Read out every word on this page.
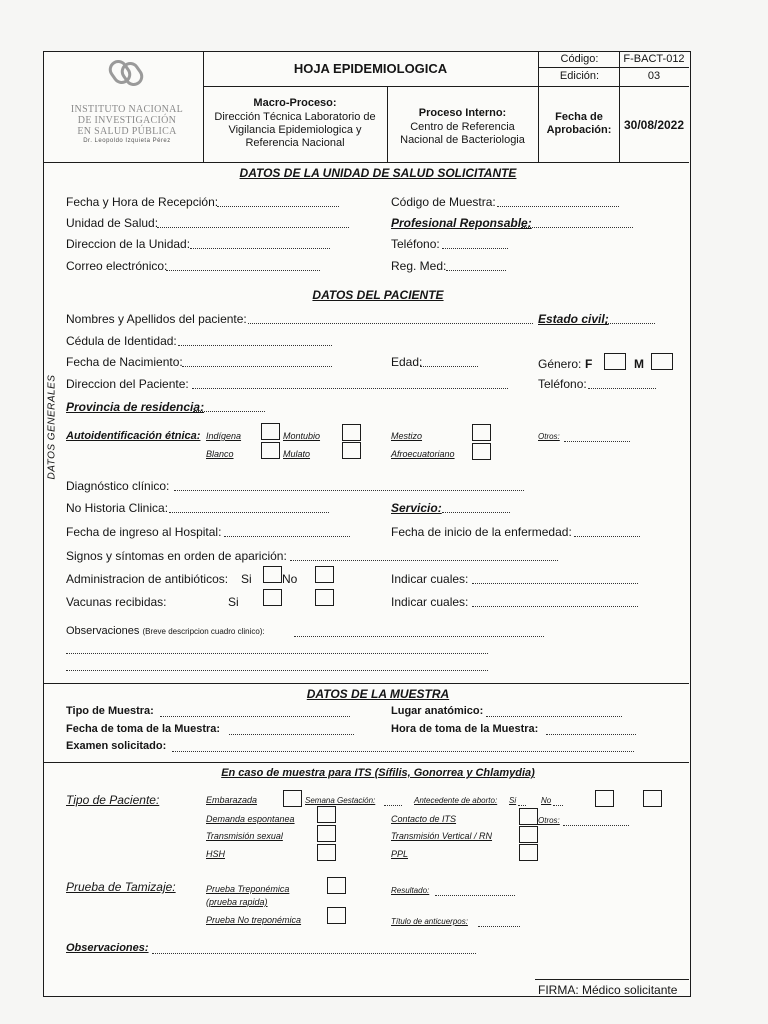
INSTITUTO NACIONAL
DE INVESTIGACIÓN
EN SALUD PÚBLICA
Dr. Leopoldo Izquieta Pérez
HOJA EPIDEMIOLOGICA
Código:	F-BACT-012
Edición:	03
Macro-Proceso:
Dirección Técnica Laboratorio de Vigilancia Epidemiologica y Referencia Nacional
Proceso Interno:
Centro de Referencia Nacional de Bacteriologia
Fecha de Aprobación:	30/08/2022
DATOS GENERALES
DATOS DE LA UNIDAD DE SALUD SOLICITANTE
Fecha y Hora de Recepción:	Código de Muestra:
Unidad de Salud:	Profesional Reponsable:
Direccion de la Unidad:	Teléfono:
Correo electrónico:	Reg. Med:
DATOS DEL PACIENTE
Nombres y Apellidos del paciente:	Estado civil:
Cédula de Identidad:
Fecha de Nacimiento:	Edad:	Género: F	M
Direccion del Paciente:	Teléfono:
Provincia de residencia:
Autoidentificación étnica: Indígena	Montubio	Mestizo
Blanco	Mulato	Afroecuatoriano
Otros:
Diagnóstico clínico:
No Historia Clinica:	Servicio:
Fecha de ingreso al Hospital:	Fecha de inicio de la enfermedad:
Signos y síntomas en orden de aparición:
Administracion de antibióticos: Si	No	Indicar cuales:
Vacunas recibidas:	Si	Indicar cuales:
Observaciones (Breve descripcion cuadro clinico):
DATOS DE LA MUESTRA
Tipo de Muestra:	Lugar anatómico:
Fecha de toma de la Muestra:	Hora de toma de la Muestra:
Examen solicitado:
En caso de muestra para ITS (Sífilis, Gonorrea y Chlamydia)
Tipo de Paciente:	Embarazada	Semana Gestación:	Antecedente de aborto: Si	No
Demanda espontanea	Contacto de ITS	Otros:
Transmisión sexual	Transmisión Vertical / RN
HSH	PPL
Prueba de Tamizaje:	Prueba Treponémica
(prueba rapida)
Resultado:
Prueba No treponémica	Título de anticuerpos:
Observaciones:
FIRMA: Médico solicitante
